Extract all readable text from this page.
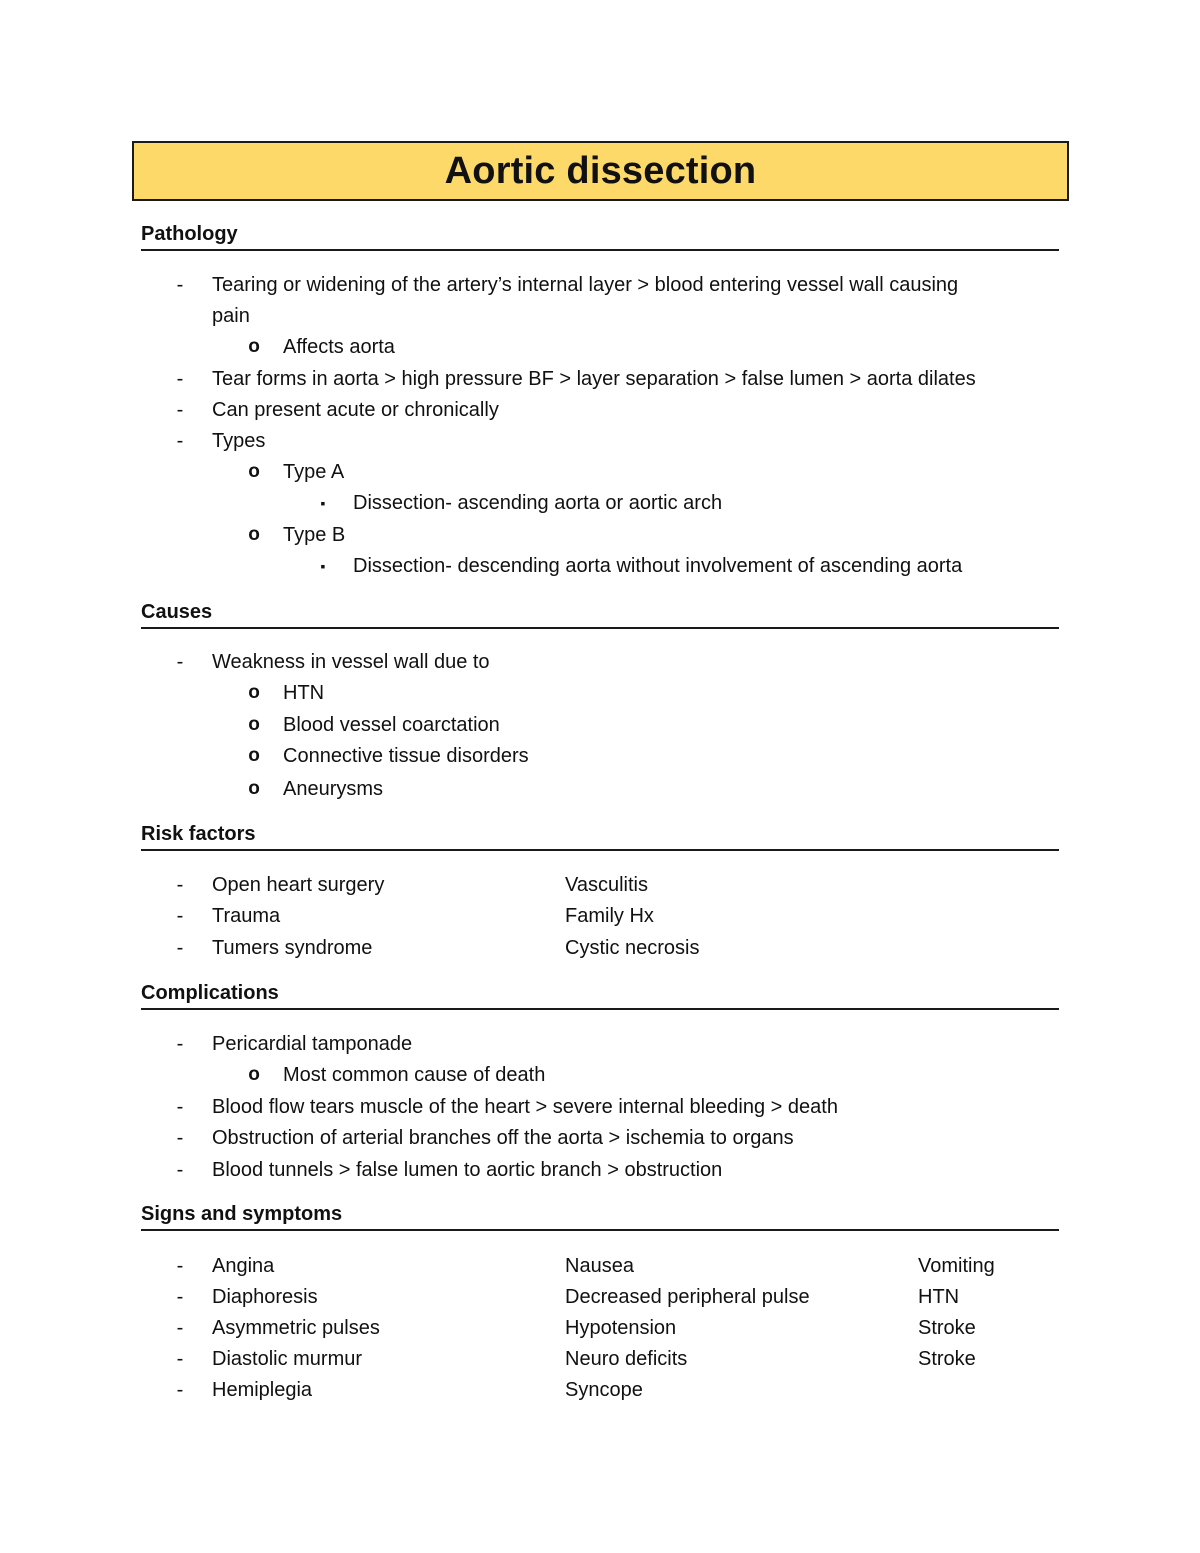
Aortic dissection
Pathology
- Tearing or widening of the artery’s internal layer > blood entering vessel wall causing
pain
o Affects aorta
- Tear forms in aorta > high pressure BF > layer separation > false lumen > aorta dilates
- Can present acute or chronically
- Types
o Type A
▪ Dissection- ascending aorta or aortic arch
o Type B
▪ Dissection- descending aorta without involvement of ascending aorta
Causes
- Weakness in vessel wall due to
o HTN
o Blood vessel coarctation
o Connective tissue disorders
o Aneurysms
Risk factors
- Open heart surgery	Vasculitis
- Trauma	Family Hx
- Tumers syndrome	Cystic necrosis
Complications
- Pericardial tamponade
o Most common cause of death
- Blood flow tears muscle of the heart > severe internal bleeding > death
- Obstruction of arterial branches off the aorta > ischemia to organs
- Blood tunnels > false lumen to aortic branch > obstruction
Signs and symptoms
- Angina	Nausea	Vomiting
- Diaphoresis	Decreased peripheral pulse	HTN
- Asymmetric pulses	Hypotension	Stroke
- Diastolic murmur	Neuro deficits	Stroke
- Hemiplegia	Syncope
